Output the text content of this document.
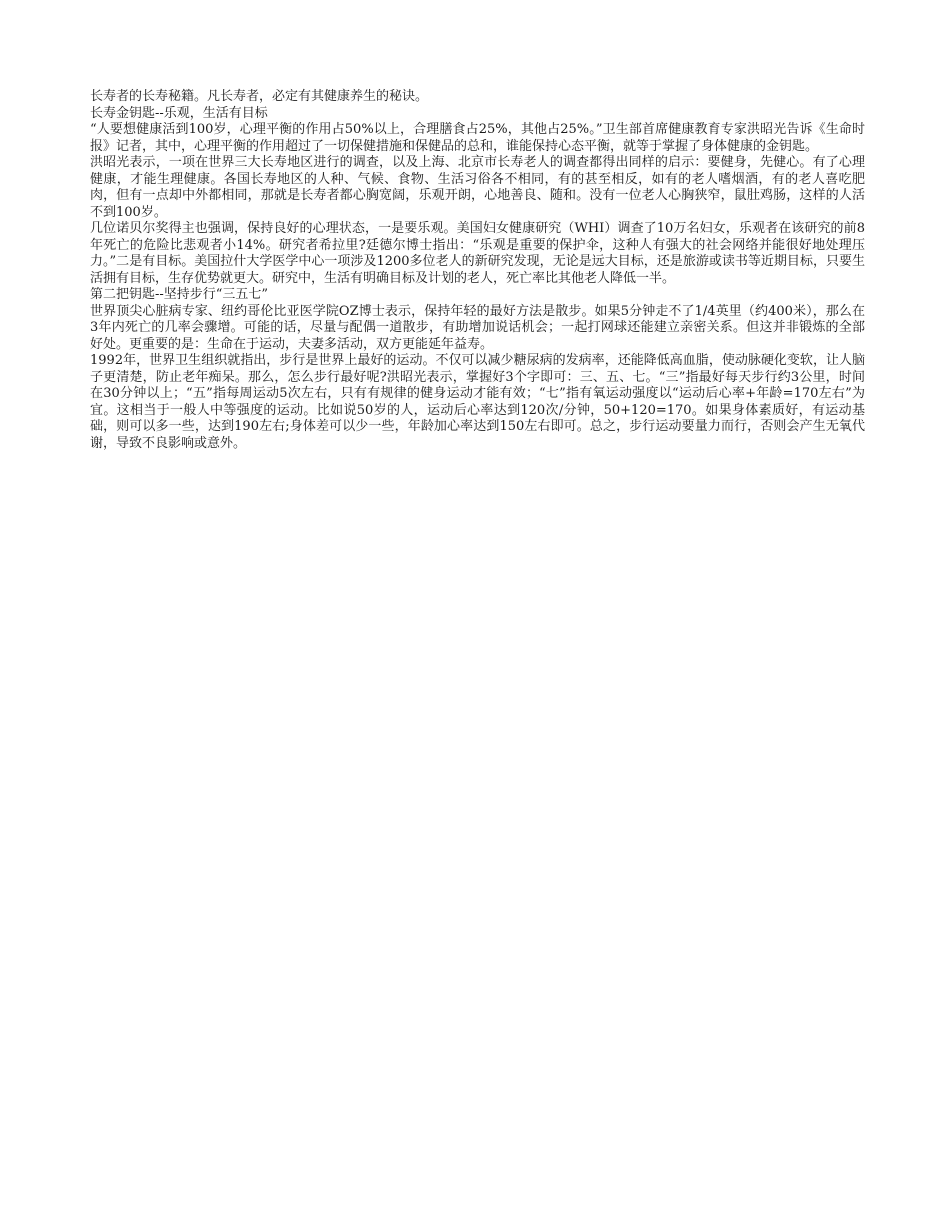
长寿者的长寿秘籍。凡长寿者，必定有其健康养生的秘诀。

长寿金钥匙--乐观，生活有目标

“人要想健康活到100岁，心理平衡的作用占50%以上，合理膳食占25%，其他占25%。”卫生部首席健康教育专家洪昭光告诉《生命时报》记者，其中，心理平衡的作用超过了一切保健措施和保健品的总和，谁能保持心态平衡，就等于掌握了身体健康的金钥匙。

洪昭光表示，一项在世界三大长寿地区进行的调查，以及上海、北京市长寿老人的调查都得出同样的启示：要健身，先健心。有了心理健康，才能生理健康。各国长寿地区的人种、气候、食物、生活习俗各不相同，有的甚至相反，如有的老人嗜烟酒，有的老人喜吃肥肉，但有一点却中外都相同，那就是长寿者都心胸宽阔，乐观开朗，心地善良、随和。没有一位老人心胸狭窄，鼠肚鸡肠，这样的人活不到100岁。

几位诺贝尔奖得主也强调，保持良好的心理状态，一是要乐观。美国妇女健康研究（WHI）调查了10万名妇女，乐观者在该研究的前8年死亡的危险比悲观者小14%。研究者希拉里?廷德尔博士指出：“乐观是重要的保护伞，这种人有强大的社会网络并能很好地处理压力。”二是有目标。美国拉什大学医学中心一项涉及1200多位老人的新研究发现，无论是远大目标，还是旅游或读书等近期目标，只要生活拥有目标，生存优势就更大。研究中，生活有明确目标及计划的老人，死亡率比其他老人降低一半。

第二把钥匙--坚持步行“三五七”

世界顶尖心脏病专家、纽约哥伦比亚医学院OZ博士表示，保持年轻的最好方法是散步。如果5分钟走不了1/4英里（约400米），那么在3年内死亡的几率会骤增。可能的话，尽量与配偶一道散步，有助增加说话机会；一起打网球还能建立亲密关系。但这并非锻炼的全部好处。更重要的是：生命在于运动，夫妻多活动，双方更能延年益寿。

1992年，世界卫生组织就指出，步行是世界上最好的运动。不仅可以减少糖尿病的发病率，还能降低高血脂，使动脉硬化变软，让人脑子更清楚，防止老年痴呆。那么，怎么步行最好呢?洪昭光表示，掌握好3个字即可：三、五、七。“三”指最好每天步行约3公里，时间在30分钟以上；“五”指每周运动5次左右，只有有规律的健身运动才能有效；“七”指有氧运动强度以“运动后心率+年龄=170左右”为宜。这相当于一般人中等强度的运动。比如说50岁的人，运动后心率达到120次/分钟，50+120=170。如果身体素质好，有运动基础，则可以多一些，达到190左右;身体差可以少一些，年龄加心率达到150左右即可。总之，步行运动要量力而行，否则会产生无氧代谢，导致不良影响或意外。
